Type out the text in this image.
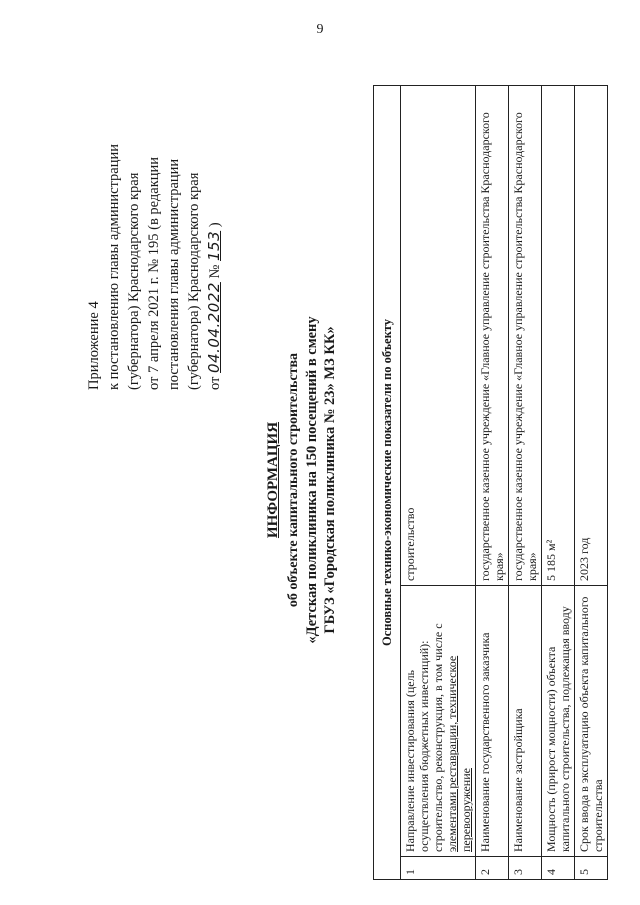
9
Приложение 4 к постановлению главы администрации (губернатора) Краснодарского края от 7 апреля 2021 г. № 195 (в редакции постановления главы администрации (губернатора) Краснодарского края от 04.04.2022 № 153 )
ИНФОРМАЦИЯ об объекте капитального строительства «Детская поликлиника на 150 посещений в смену ГБУЗ «Городская поликлиника № 23» МЗ КК»	Основные технико-экономические показатели по объекту		
1	Направление инвестирования (цель осуществления бюджетных инвестиций): строительство, реконструкция, в том числе с элементами реставрации, техническое перевооружение	строительство
2	Наименование государственного заказчика	государственное казенное учреждение «Главное управление строительства Краснодарского края»
3	Наименование застройщика	государственное казенное учреждение «Главное управление строительства Краснодарского края»
4	Мощность (прирост мощности) объекта капитального строительства, подлежащая вводу	5 185 м²
5	Срок ввода в эксплуатацию объекта капитального строительства	2023 год
